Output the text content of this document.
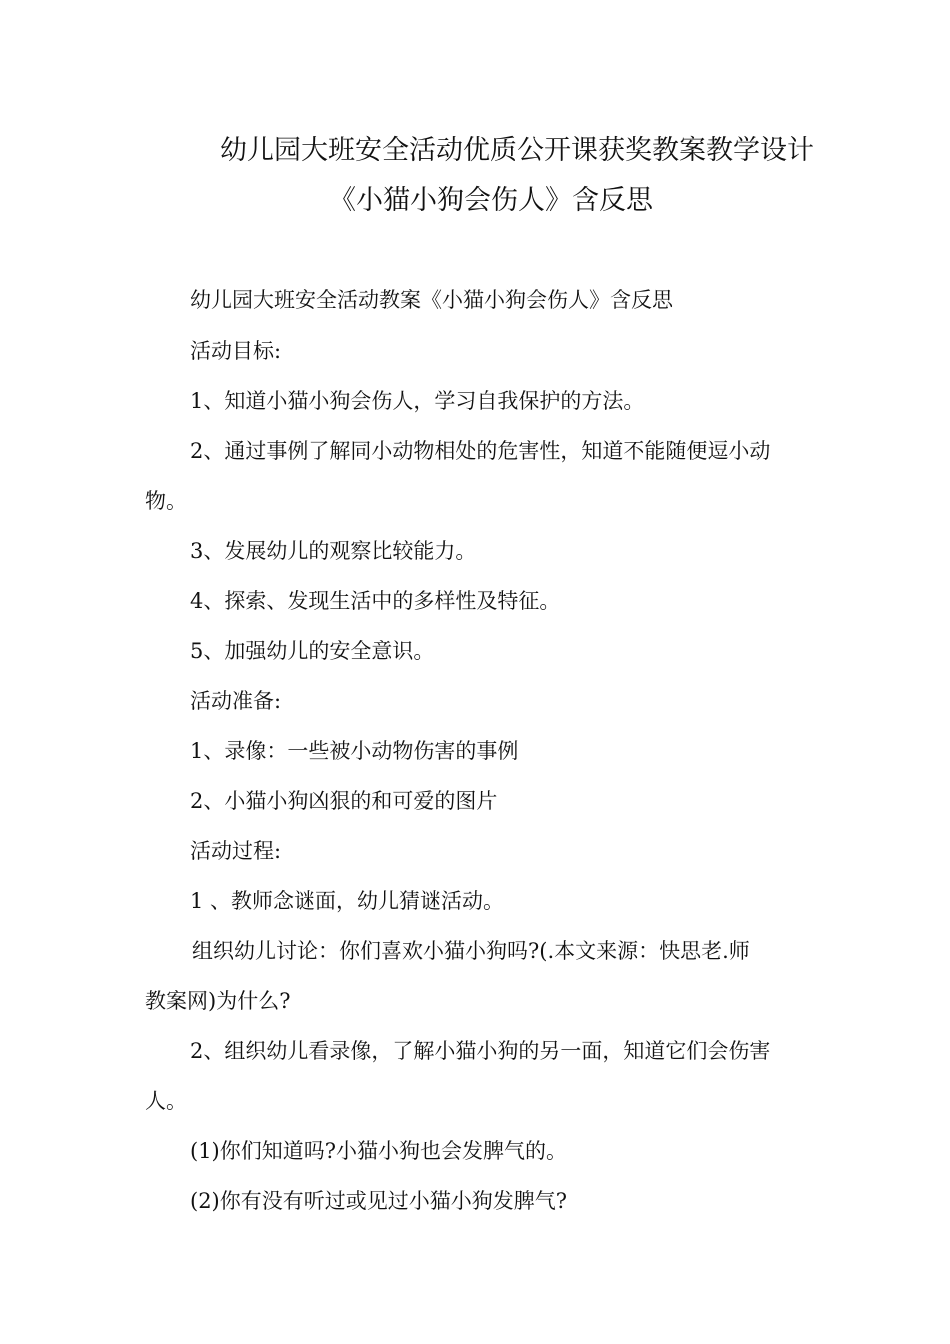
幼儿园大班安全活动优质公开课获奖教案教学设计
《小猫小狗会伤人》含反思
幼儿园大班安全活动教案《小猫小狗会伤人》含反思
活动目标:
1、知道小猫小狗会伤人，学习自我保护的方法。
2、通过事例了解同小动物相处的危害性，知道不能随便逗小动
物。
3、发展幼儿的观察比较能力。
4、探索、发现生活中的多样性及特征。
5、加强幼儿的安全意识。
活动准备:
1、录像：一些被小动物伤害的事例
2、小猫小狗凶狠的和可爱的图片
活动过程:
1 、教师念谜面，幼儿猜谜活动。
组织幼儿讨论：你们喜欢小猫小狗吗?(.本文来源：快思老.师
教案网)为什么?
2、组织幼儿看录像，了解小猫小狗的另一面，知道它们会伤害
人。
(1)你们知道吗?小猫小狗也会发脾气的。
(2)你有没有听过或见过小猫小狗发脾气?
